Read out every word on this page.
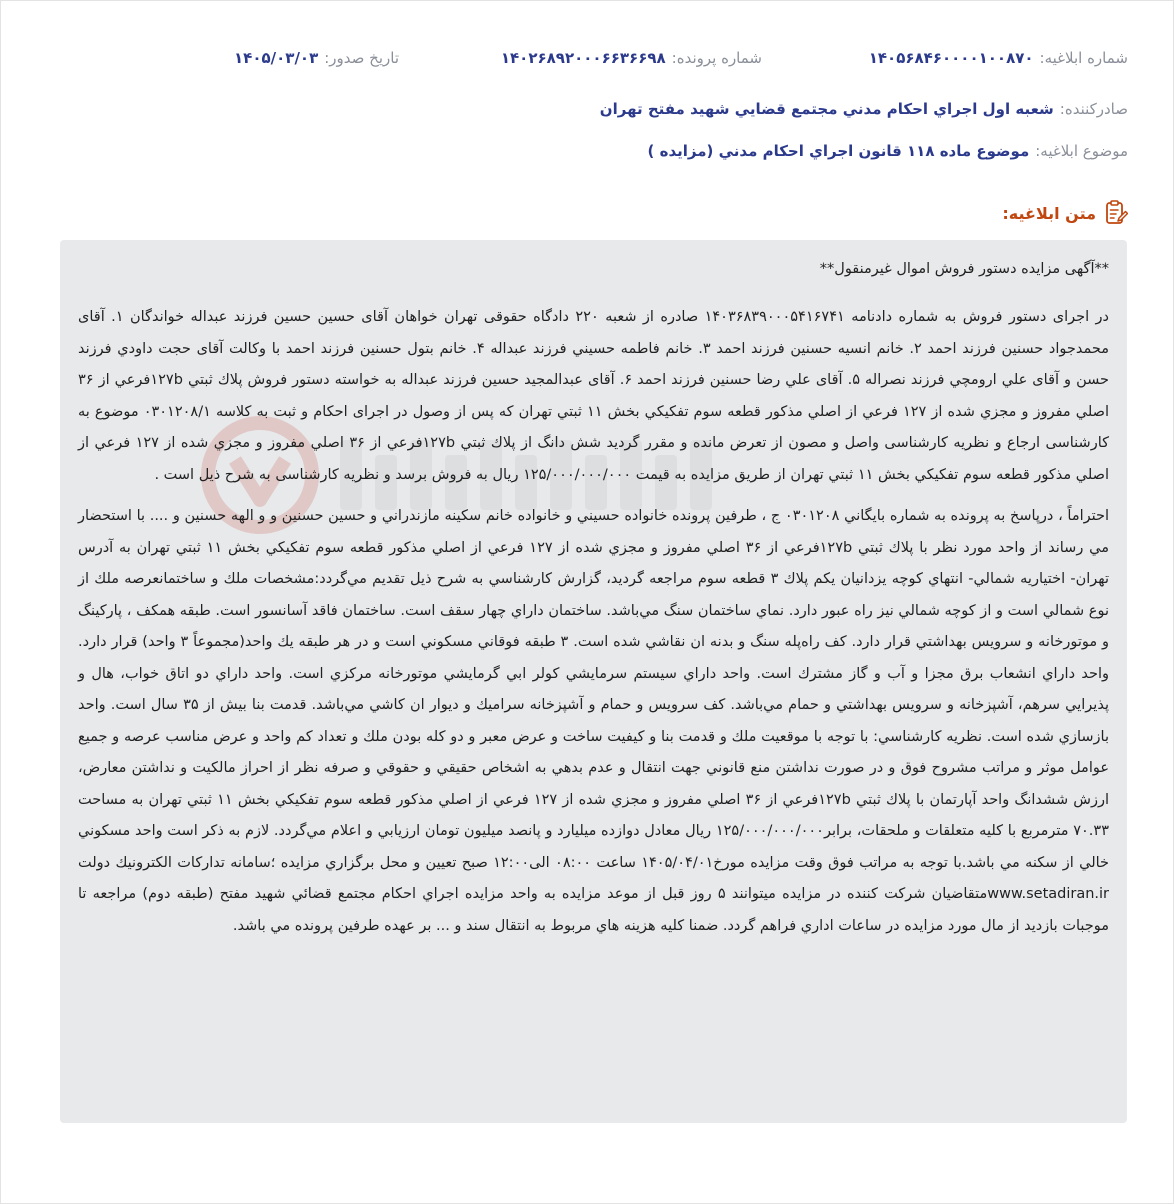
شماره ابلاغيه:
۱۴۰۵۶۸۴۶۰۰۰۰۱۰۰۸۷۰
شماره پرونده:
۱۴۰۲۶۸۹۲۰۰۰۶۶۳۶۶۹۸
تاريخ صدور:
۱۴۰۵/۰۳/۰۳
صادرکننده:
شعبه اول اجراي احكام مدني مجتمع قضايي شهيد مفتح تهران
موضوع ابلاغيه:
موضوع ماده ۱۱۸ قانون اجراي احكام مدني (مزايده )
متن ابلاغيه:
**آگهی مزایده دستور فروش اموال غیرمنقول**

در اجرای دستور فروش به شماره دادنامه ۱۴۰۳۶۸۳۹۰۰۰۵۴۱۶۷۴۱ صادره از شعبه ۲۲۰ دادگاه حقوقی تهران خواهان آقای حسین حسین فرزند عبداله خواندگان ۱. آقای محمدجواد حسنین فرزند احمد ۲. خانم انسيه حسنين فرزند احمد ۳. خانم فاطمه حسيني فرزند عبداله ۴. خانم بتول حسنين فرزند احمد با وكالت آقای حجت داودي فرزند حسن و آقای علي ارومچي فرزند نصراله ۵. آقای علي رضا حسنين فرزند احمد ۶. آقای عبدالمجيد حسين فرزند عبداله به خواسته دستور فروش پلاك ثبتي ۱۲۷bفرعي از ۳۶ اصلي مفروز و مجزي شده از ۱۲۷ فرعي از اصلي مذكور قطعه سوم تفكيكي بخش ۱۱ ثبتي تهران كه پس از وصول در اجرای احكام و ثبت به كلاسه ۰۳۰۱۲۰۸/۱ موضوع به كارشناسی ارجاع و نظريه كارشناسی واصل و مصون از تعرض مانده و مقرر گرديد شش دانگ از پلاك ثبتي ۱۲۷bفرعي از ۳۶ اصلي مفروز و مجزي شده از ۱۲۷ فرعي از اصلي مذكور قطعه سوم تفكيكي بخش ۱۱ ثبتي تهران از طريق مزايده به قيمت ۱۲۵/۰۰۰/۰۰۰/۰۰۰ ريال به فروش برسد و نظريه كارشناسی به شرح ذيل است .

احتراماً ، درپاسخ به پرونده به شماره بايگاني ۰۳۰۱۲۰۸ ج ، طرفين پرونده خانواده حسيني و خانواده خانم سكينه مازندراني و حسين حسنين و و الهه حسنين و .... با استحضار مي رساند از واحد مورد نظر با پلاك ثبتي ۱۲۷bفرعي از ۳۶ اصلي مفروز و مجزي شده از ۱۲۷ فرعي از اصلي مذكور قطعه سوم تفكيكي بخش ۱۱ ثبتي تهران به آدرس تهران- اختياريه شمالي- انتهاي كوچه يزدانيان يكم پلاك ۳ قطعه سوم مراجعه گرديد، گزارش كارشناسي به شرح ذيل تقديم مي‌گردد:مشخصات ملك و ساختمانعرصه ملك از نوع شمالي است و از كوچه شمالي نيز راه عبور دارد. نماي ساختمان سنگ مي‌باشد. ساختمان داراي چهار سقف است. ساختمان فاقد آسانسور است. طبقه همكف ، پاركينگ و موتورخانه و سرويس بهداشتي قرار دارد. كف راه‌پله سنگ و بدنه ان نقاشي شده است. ۳ طبقه فوقاني مسكوني است و در هر طبقه يك واحد(مجموعاً ۳ واحد) قرار دارد. واحد داراي انشعاب برق مجزا و آب و گاز مشترك است. واحد داراي سيستم سرمايشي كولر ابي گرمايشي موتورخانه مركزي است. واحد داراي دو اتاق خواب، هال و پذيرايي سرهم، آشپزخانه و سرويس بهداشتي و حمام مي‌باشد. كف سرويس و حمام و آشپزخانه سراميك و ديوار ان كاشي مي‌باشد. قدمت بنا بيش از ۳۵ سال است. واحد بازسازي شده است. نظريه كارشناسي: با توجه با موقعيت ملك و قدمت بنا و كيفيت ساخت و عرض معبر و دو كله بودن ملك و تعداد كم واحد و عرض مناسب عرصه و جميع عوامل موثر و مراتب مشروح فوق و در صورت نداشتن منع قانوني جهت انتقال و عدم بدهي به اشخاص حقيقي و حقوقي و صرفه نظر از احراز مالكيت و نداشتن معارض، ارزش ششدانگ واحد آپارتمان با پلاك ثبتي ۱۲۷bفرعي از ۳۶ اصلي مفروز و مجزي شده از ۱۲۷ فرعي از اصلي مذكور قطعه سوم تفكيكي بخش ۱۱ ثبتي تهران به مساحت ۷۰.۳۳ مترمربع با كليه متعلقات و ملحقات، برابر۱۲۵/۰۰۰/۰۰۰/۰۰۰ ريال معادل دوازده ميليارد و پانصد ميليون تومان ارزيابي و اعلام مي‌گردد. لازم به ذكر است واحد مسكوني خالي از سكنه مي باشد.با توجه به مراتب فوق وقت مزايده مورخ۱۴۰۵/۰۴/۰۱ ساعت ۰۸:۰۰ الی۱۲:۰۰ صبح تعيين و محل برگزاري مزايده ؛سامانه تداركات الكترونيك دولت www.setadiran.irمتقاضيان شركت كننده در مزايده ميتوانند ۵ روز قبل از موعد مزايده به واحد مزايده اجراي احكام مجتمع قضائي شهيد مفتح (طبقه دوم) مراجعه تا موجبات بازديد از مال مورد مزايده در ساعات اداري فراهم گردد. ضمنا كليه هزينه هاي مربوط به انتقال سند و ... بر عهده طرفين پرونده مي باشد.
